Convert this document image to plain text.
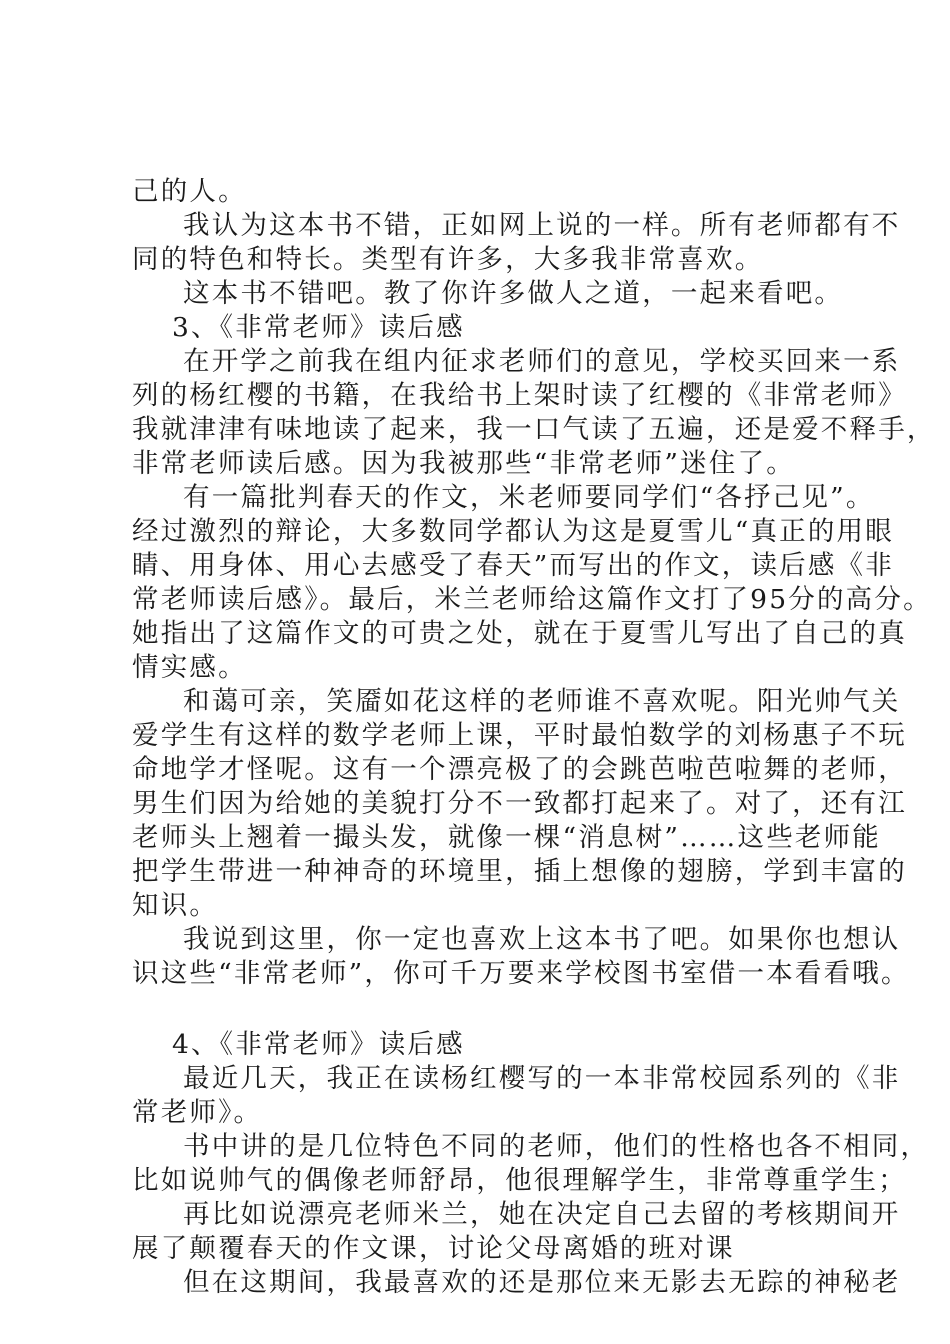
己的人。
我认为这本书不错，正如网上说的一样。所有老师都有不
同的特色和特长。类型有许多，大多我非常喜欢。
这本书不错吧。教了你许多做人之道，一起来看吧。
3、《非常老师》读后感
在开学之前我在组内征求老师们的意见，学校买回来一系
列的杨红樱的书籍，在我给书上架时读了红樱的《非常老师》
我就津津有味地读了起来，我一口气读了五遍，还是爱不释手，
非常老师读后感。因为我被那些“非常老师”迷住了。
有一篇批判春天的作文，米老师要同学们“各抒己见”。
经过激烈的辩论，大多数同学都认为这是夏雪儿“真正的用眼
睛、用身体、用心去感受了春天”而写出的作文，读后感《非
常老师读后感》。最后，米兰老师给这篇作文打了95分的高分。
她指出了这篇作文的可贵之处，就在于夏雪儿写出了自己的真
情实感。
和蔼可亲，笑靥如花这样的老师谁不喜欢呢。阳光帅气关
爱学生有这样的数学老师上课，平时最怕数学的刘杨惠子不玩
命地学才怪呢。这有一个漂亮极了的会跳芭啦芭啦舞的老师，
男生们因为给她的美貌打分不一致都打起来了。对了，还有江
老师头上翘着一撮头发，就像一棵“消息树”……这些老师能
把学生带进一种神奇的环境里，插上想像的翅膀，学到丰富的
知识。
我说到这里，你一定也喜欢上这本书了吧。如果你也想认
识这些“非常老师”，你可千万要来学校图书室借一本看看哦。
4、《非常老师》读后感
最近几天，我正在读杨红樱写的一本非常校园系列的《非
常老师》。
书中讲的是几位特色不同的老师，他们的性格也各不相同，
比如说帅气的偶像老师舒昂，他很理解学生，非常尊重学生；
再比如说漂亮老师米兰，她在决定自己去留的考核期间开
展了颠覆春天的作文课，讨论父母离婚的班对课
但在这期间，我最喜欢的还是那位来无影去无踪的神秘老
